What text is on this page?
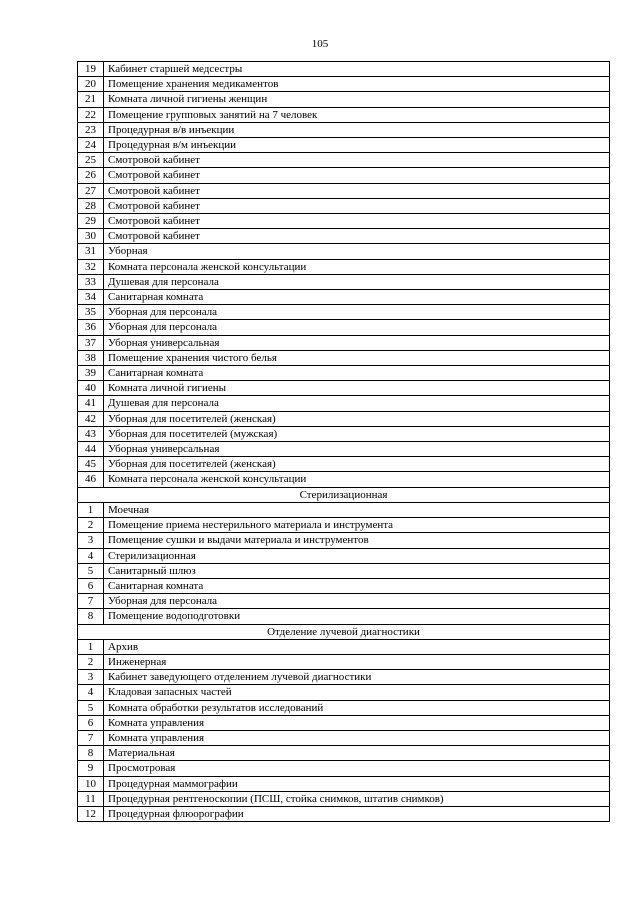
105
19	Кабинет старшей медсестры
20	Помещение хранения медикаментов
21	Комната личной гигиены женщин
22	Помещение групповых занятий на 7 человек
23	Процедурная в/в инъекции
24	Процедурная в/м инъекции
25	Смотровой кабинет
26	Смотровой кабинет
27	Смотровой кабинет
28	Смотровой кабинет
29	Смотровой кабинет
30	Смотровой кабинет
31	Уборная
32	Комната персонала женской консультации
33	Душевая для персонала
34	Санитарная комната
35	Уборная для персонала
36	Уборная для персонала
37	Уборная универсальная
38	Помещение хранения чистого белья
39	Санитарная комната
40	Комната личной гигиены
41	Душевая для персонала
42	Уборная для посетителей (женская)
43	Уборная для посетителей (мужская)
44	Уборная универсальная
45	Уборная для посетителей (женская)
46	Комната персонала женской консультации
Стерилизационная	
1	Моечная
2	Помещение приема нестерильного материала и инструмента
3	Помещение сушки и выдачи материала и инструментов
4	Стерилизационная
5	Санитарный шлюз
6	Санитарная комната
7	Уборная для персонала
8	Помещение водоподготовки
Отделение лучевой диагностики	
1	Архив
2	Инженерная
3	Кабинет заведующего отделением лучевой диагностики
4	Кладовая запасных частей
5	Комната обработки результатов исследований
6	Комната управления
7	Комната управления
8	Материальная
9	Просмотровая
10	Процедурная маммографии
11	Процедурная рентгеноскопии (ПСШ, стойка снимков, штатив снимков)
12	Процедурная флюорографии
